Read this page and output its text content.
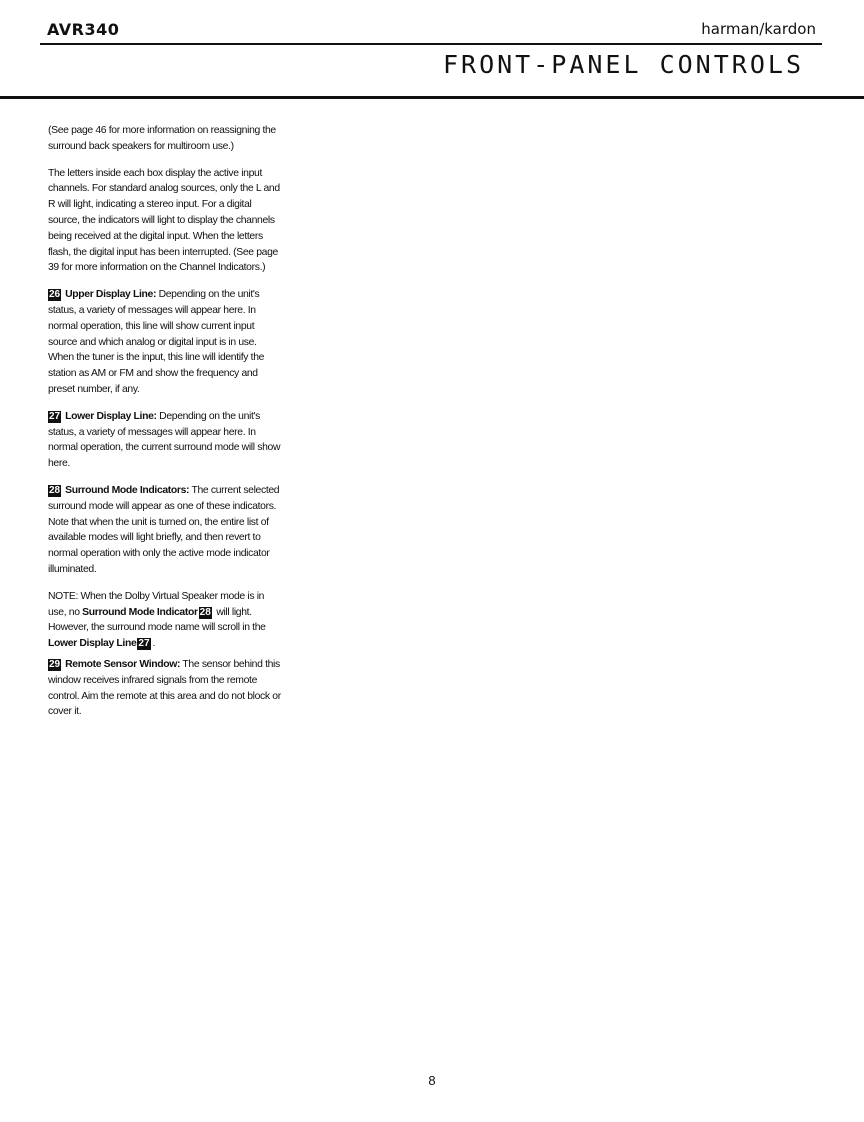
AVR340	harman/kardon
FRONT-PANEL CONTROLS

(See page 46 for more information on reassigning the surround back speakers for multiroom use.)

The letters inside each box display the active input channels. For standard analog sources, only the L and R will light, indicating a stereo input. For a digital source, the indicators will light to display the channels being received at the digital input. When the letters flash, the digital input has been interrupted. (See page 39 for more information on the Channel Indicators.)

26 Upper Display Line: Depending on the unit's status, a variety of messages will appear here. In normal operation, this line will show current input source and which analog or digital input is in use. When the tuner is the input, this line will identify the station as AM or FM and show the frequency and preset number, if any.

27 Lower Display Line: Depending on the unit's status, a variety of messages will appear here. In normal operation, the current surround mode will show here.

28 Surround Mode Indicators: The current selected surround mode will appear as one of these indicators. Note that when the unit is turned on, the entire list of available modes will light briefly, and then revert to normal operation with only the active mode indicator illuminated.

NOTE: When the Dolby Virtual Speaker mode is in use, no Surround Mode Indicator 28 will light. However, the surround mode name will scroll in the Lower Display Line 27 .

29 Remote Sensor Window: The sensor behind this window receives infrared signals from the remote control. Aim the remote at this area and do not block or cover it.

8
